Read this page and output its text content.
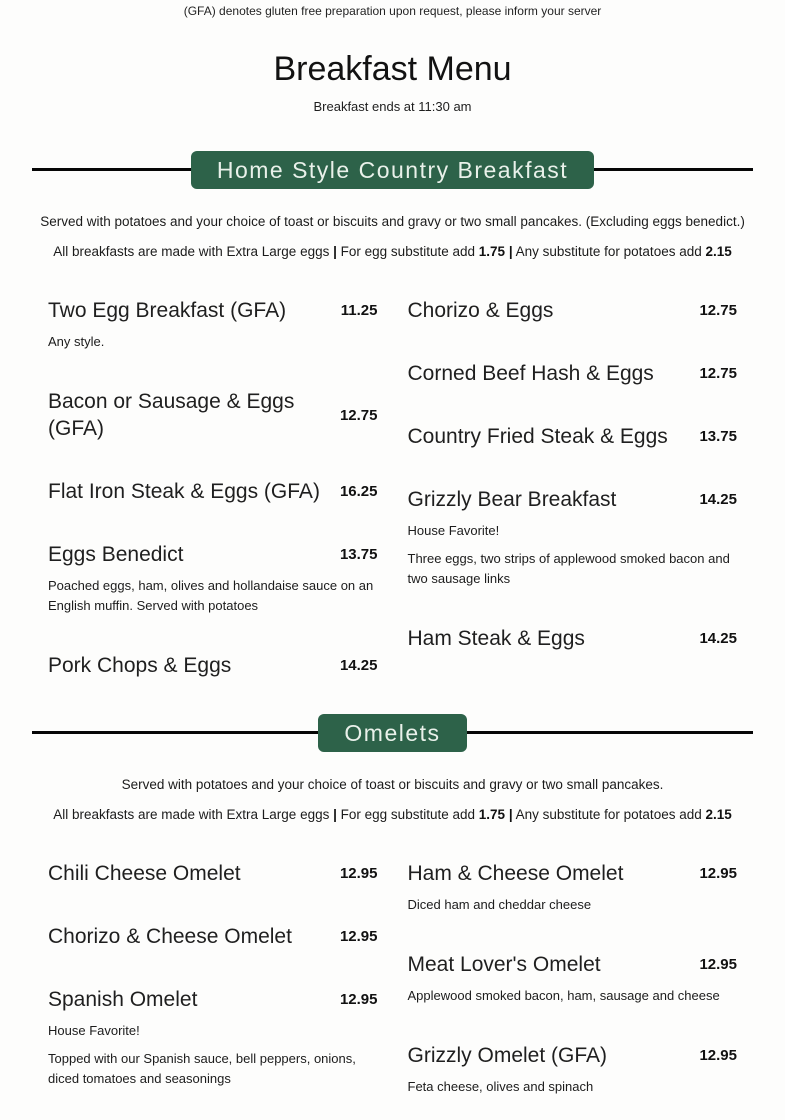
(GFA) denotes gluten free preparation upon request, please inform your server
Breakfast Menu
Breakfast ends at 11:30 am
Home Style Country Breakfast

Served with potatoes and your choice of toast or biscuits and gravy or two small pancakes. (Excluding eggs benedict.)

All breakfasts are made with Extra Large eggs | For egg substitute add 1.75 | Any substitute for potatoes add 2.15

Two Egg Breakfast (GFA)	11.25
Any style.
Bacon or Sausage & Eggs (GFA)
12.75
Flat Iron Steak & Eggs (GFA) 16.25
Eggs Benedict	13.75
Poached eggs, ham, olives and hollandaise sauce on an English muffin. Served with potatoes
Pork Chops & Eggs	14.25
Chorizo & Eggs	12.75
Corned Beef Hash & Eggs	12.75
Country Fried Steak & Eggs 13.75
Grizzly Bear Breakfast	14.25
House Favorite!
Three eggs, two strips of applewood smoked bacon and two sausage links
Ham Steak & Eggs	14.25
Omelets

Served with potatoes and your choice of toast or biscuits and gravy or two small pancakes.

All breakfasts are made with Extra Large eggs | For egg substitute add 1.75 | Any substitute for potatoes add 2.15

Chili Cheese Omelet	12.95
Chorizo & Cheese Omelet	12.95
Spanish Omelet	12.95
House Favorite!
Topped with our Spanish sauce, bell peppers, onions, diced tomatoes and seasonings
Ham & Cheese Omelet	12.95
Diced ham and cheddar cheese
Meat Lover's Omelet	12.95
Applewood smoked bacon, ham, sausage and cheese
Grizzly Omelet (GFA)	12.95
Feta cheese, olives and spinach
